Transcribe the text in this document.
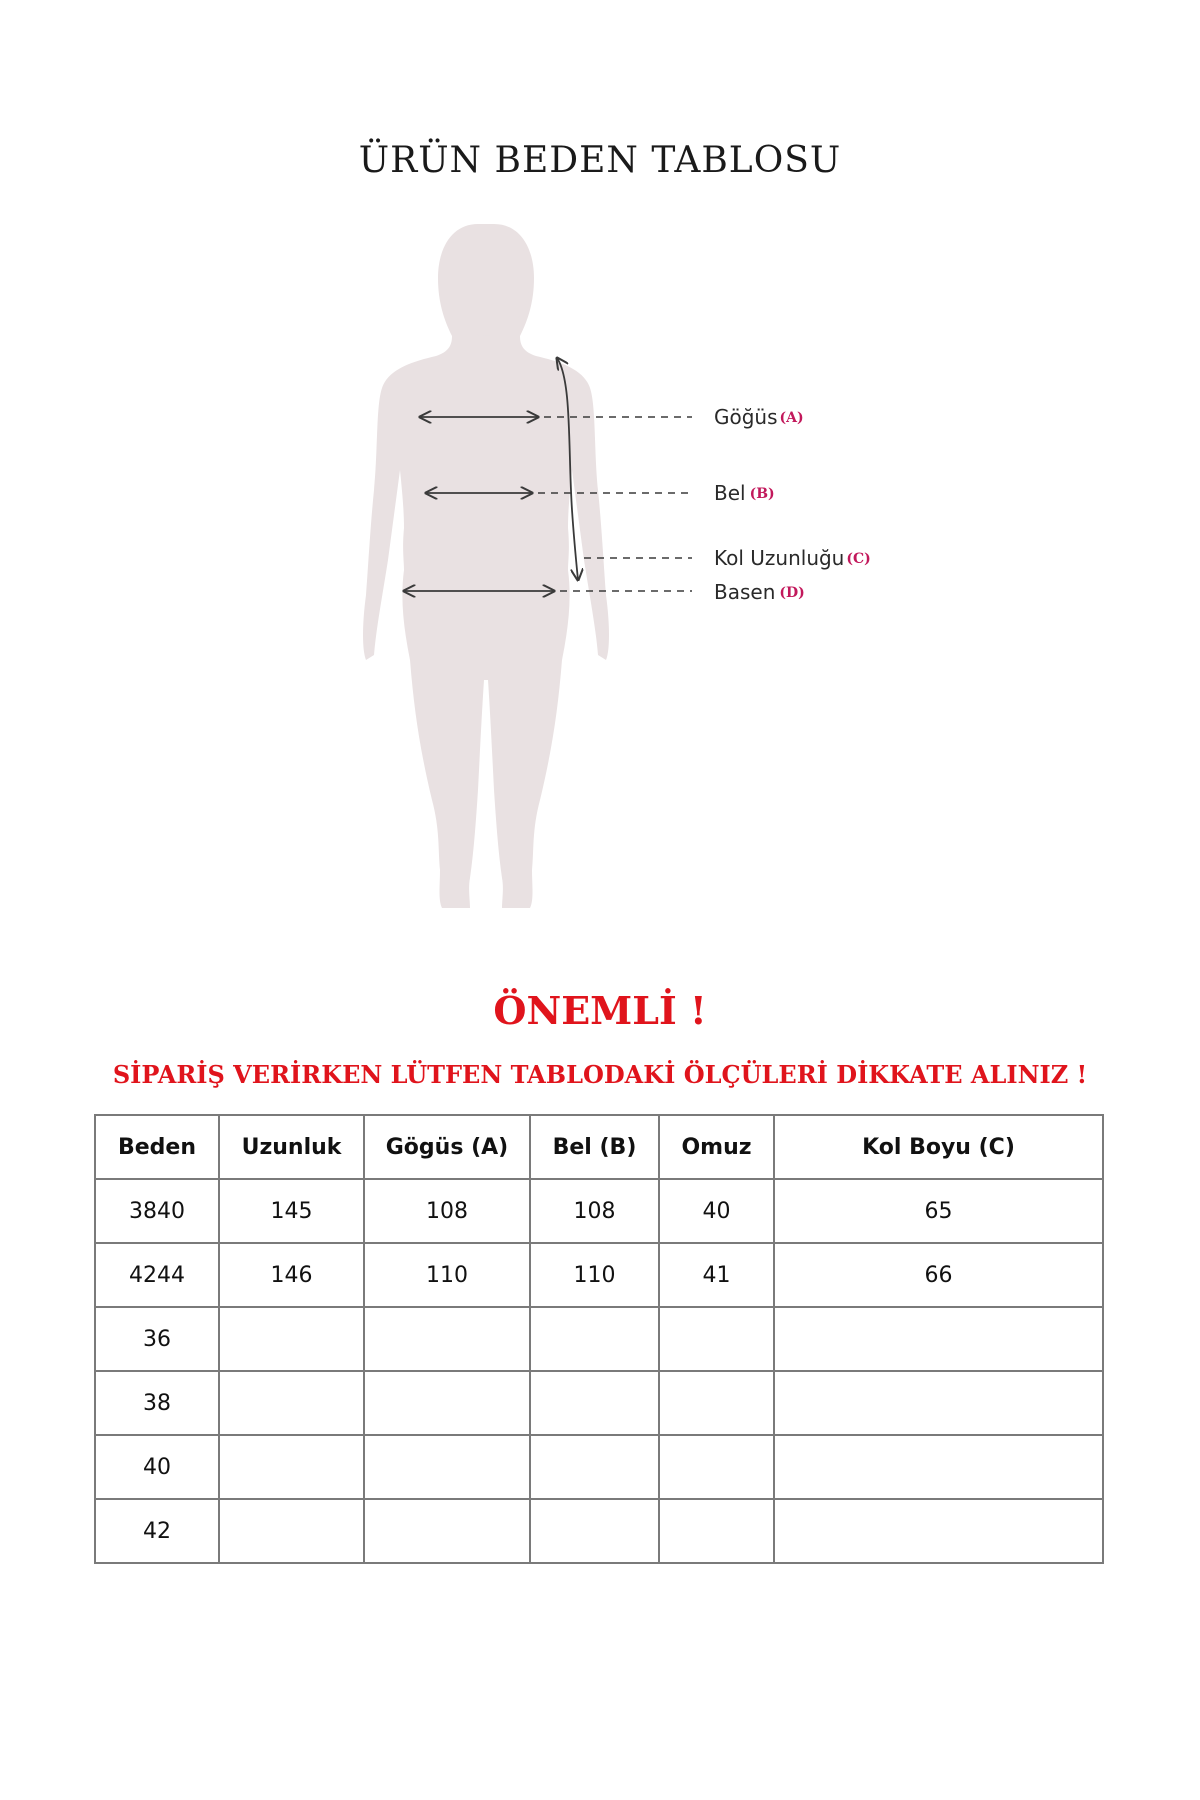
ÜRÜN BEDEN TABLOSU
Göğüs (A)
Bel (B)
Kol Uzunluğu (C)
Basen (D)
ÖNEMLİ !

SİPARİŞ VERİRKEN LÜTFEN TABLODAKİ ÖLÇÜLERİ DİKKATE ALINIZ !

Beden	Uzunluk	Gögüs (A)	Bel (B)	Omuz	Kol Boyu (C)
3840	145	108	108	40	65
4244	146	110	110	41	66
36					
38					
40					
42					
